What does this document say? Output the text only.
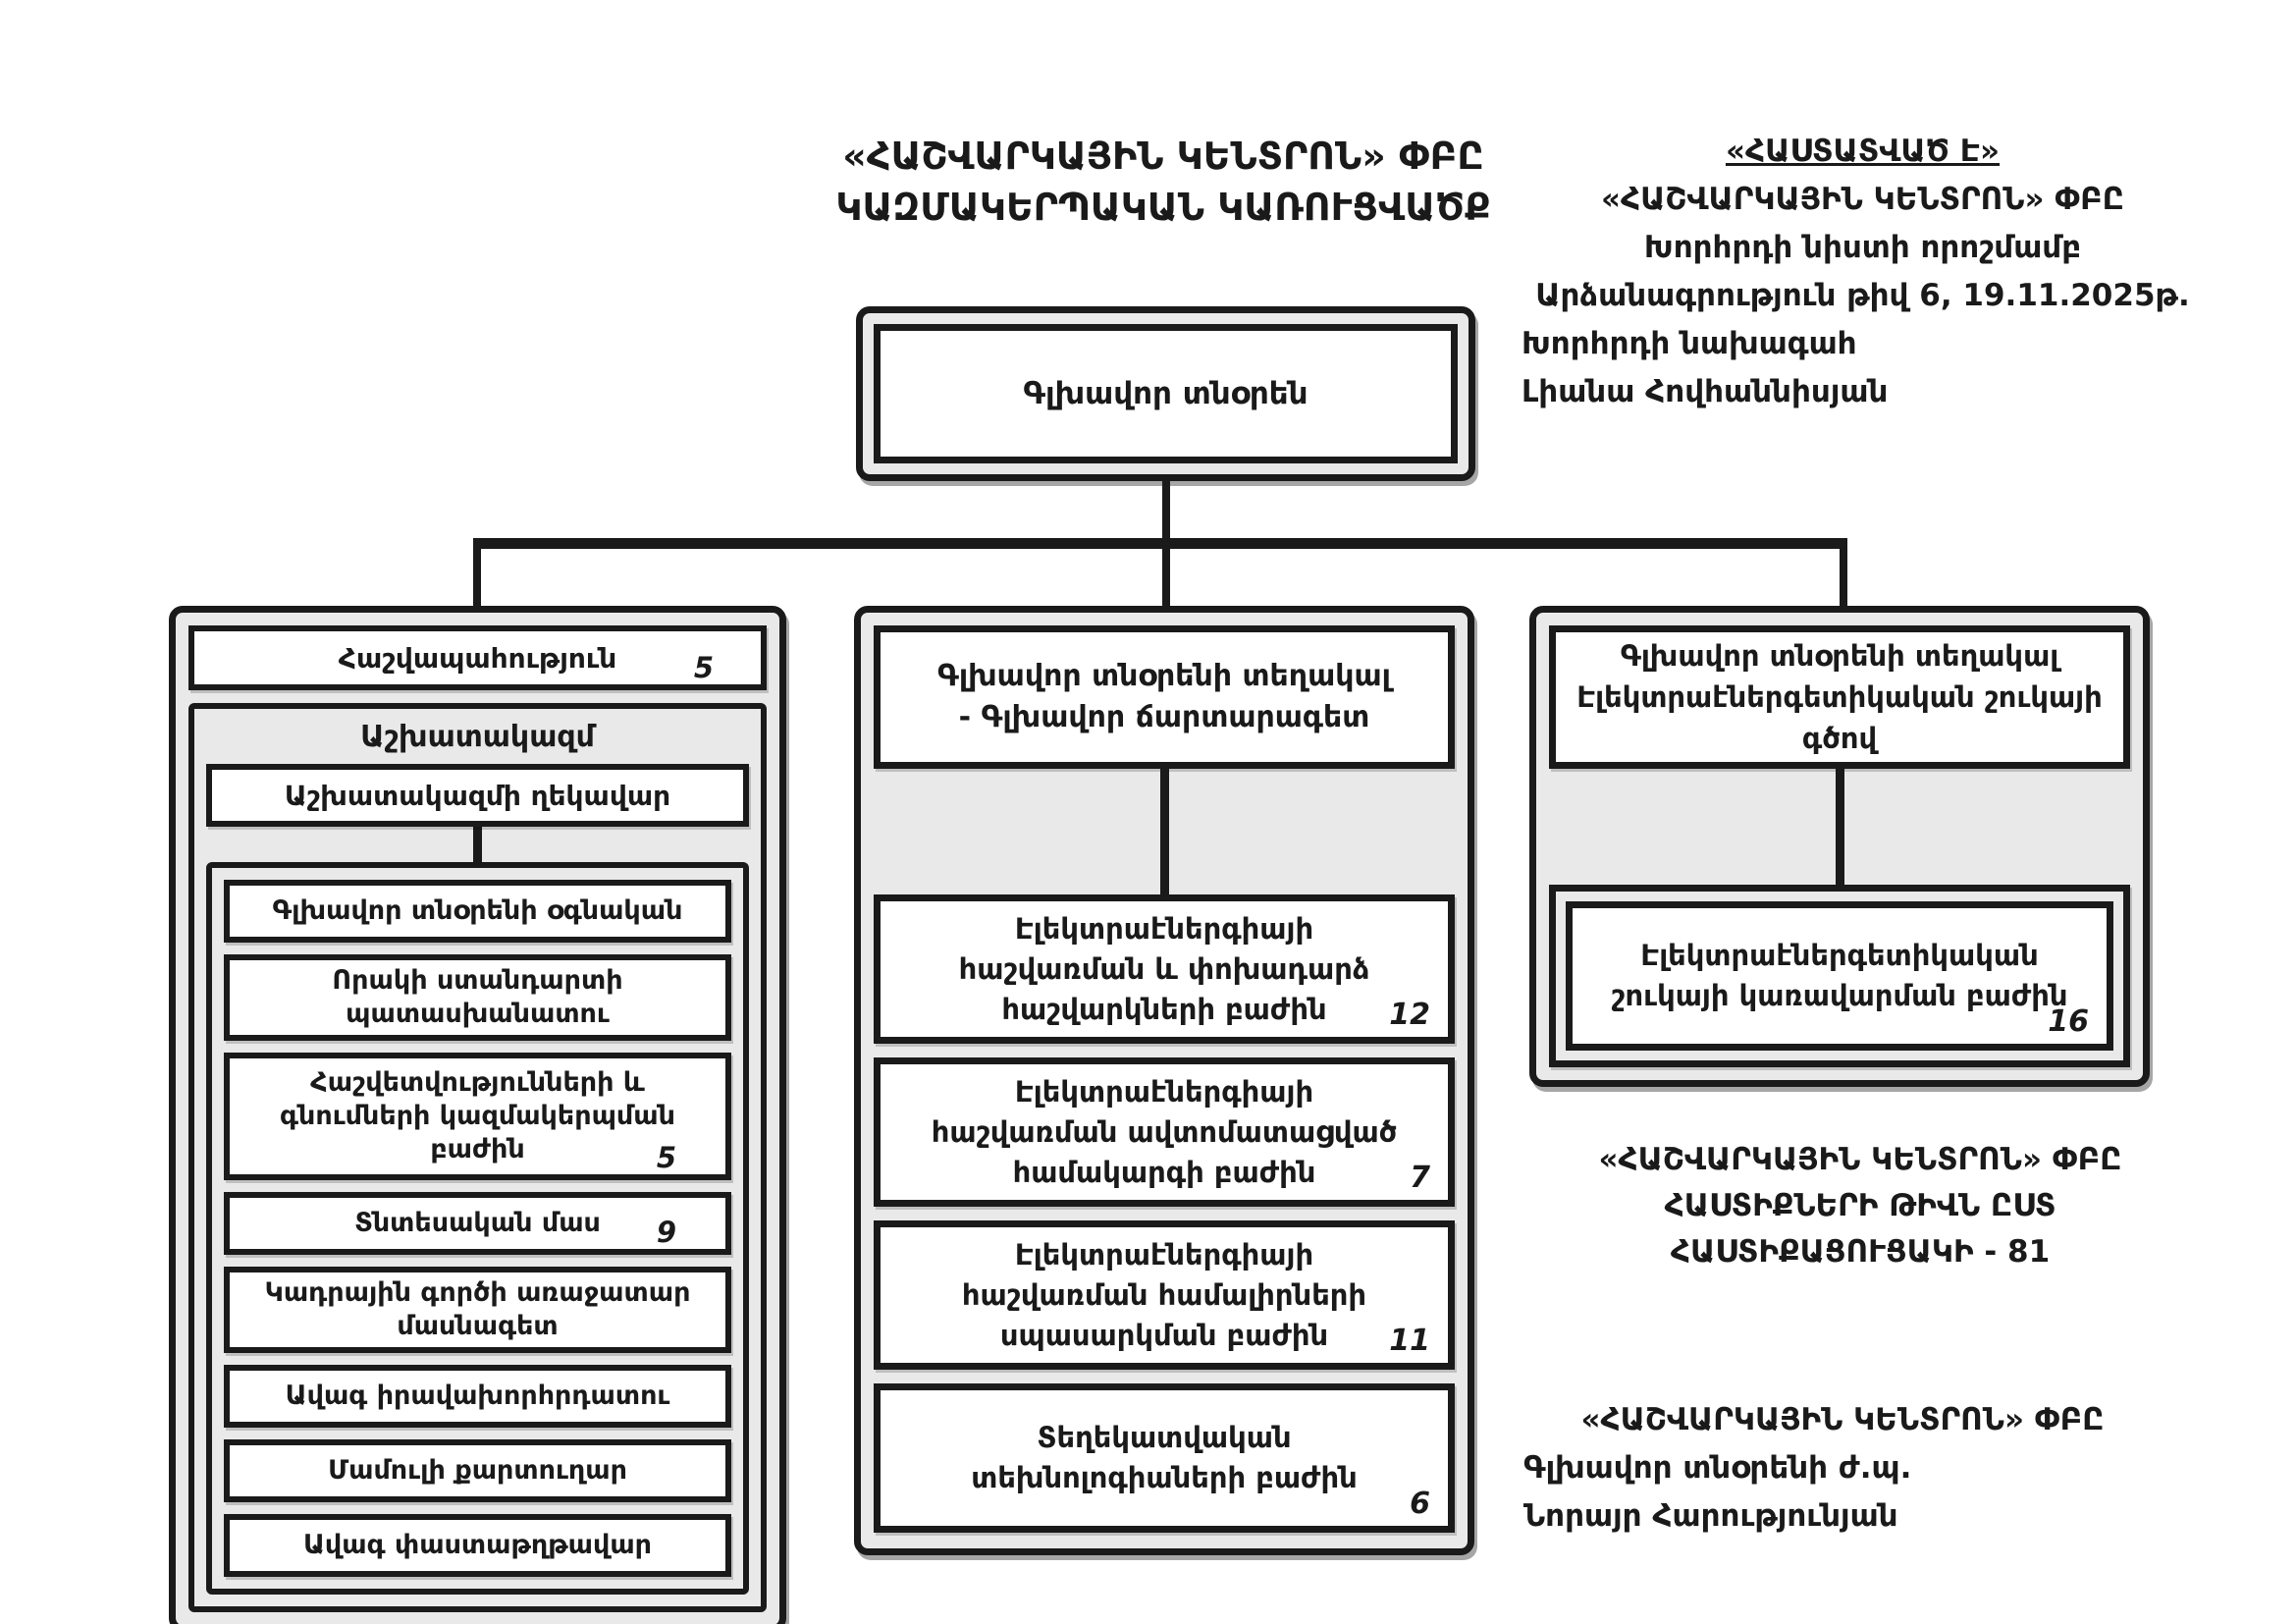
«ՀԱՇՎԱՐԿԱՅԻՆ ԿԵՆՏՐՈՆ» ՓԲԸ
ԿԱԶՄԱԿԵՐՊԱԿԱՆ ԿԱՌՈՒՑՎԱԾՔ
«ՀԱՍՏԱՏՎԱԾ Է»
«ՀԱՇՎԱՐԿԱՅԻՆ ԿԵՆՏՐՈՆ» ՓԲԸ
Խորհրդի նիստի որոշմամբ
Արձանագրություն թիվ 6, 19.11.2025թ.
Խորհրդի նախագահ
Լիանա Հովհաննիսյան
Գլխավոր տնօրեն
Հաշվապահություն	5
Աշխատակազմ
Աշխատակազմի ղեկավար
Գլխավոր տնօրենի օգնական
Որակի ստանդարտի պատասխանատու
Հաշվետվությունների և գնումների կազմակերպման բաժին	5
Տնտեսական մաս 9
Կադրային գործի առաջատար մասնագետ
Ավագ իրավախորհրդատու
Մամուլի քարտուղար
Ավագ փաստաթղթավար
Գլխավոր տնօրենի տեղակալ - Գլխավոր ճարտարագետ
Էլեկտրաէներգիայի հաշվառման և փոխադարձ հաշվարկների բաժին	12
Էլեկտրաէներգիայի հաշվառման ավտոմատացված համակարգի բաժին	7
Էլեկտրաէներգիայի հաշվառման համալիրների սպասարկման բաժին	11
Տեղեկատվական տեխնոլոգիաների բաժին
6
Գլխավոր տնօրենի տեղակալ Էլեկտրաէներգետիկական շուկայի գծով
Էլեկտրաէներգետիկական շուկայի կառավարման բաժին
16
«ՀԱՇՎԱՐԿԱՅԻՆ ԿԵՆՏՐՈՆ» ՓԲԸ
ՀԱՍՏԻՔՆԵՐԻ ԹԻՎՆ ԸՍՏ
ՀԱՍՏԻՔԱՑՈՒՑԱԿԻ - 81
«ՀԱՇՎԱՐԿԱՅԻՆ ԿԵՆՏՐՈՆ» ՓԲԸ
Գլխավոր տնօրենի ժ.պ.
Նորայր Հարությունյան
